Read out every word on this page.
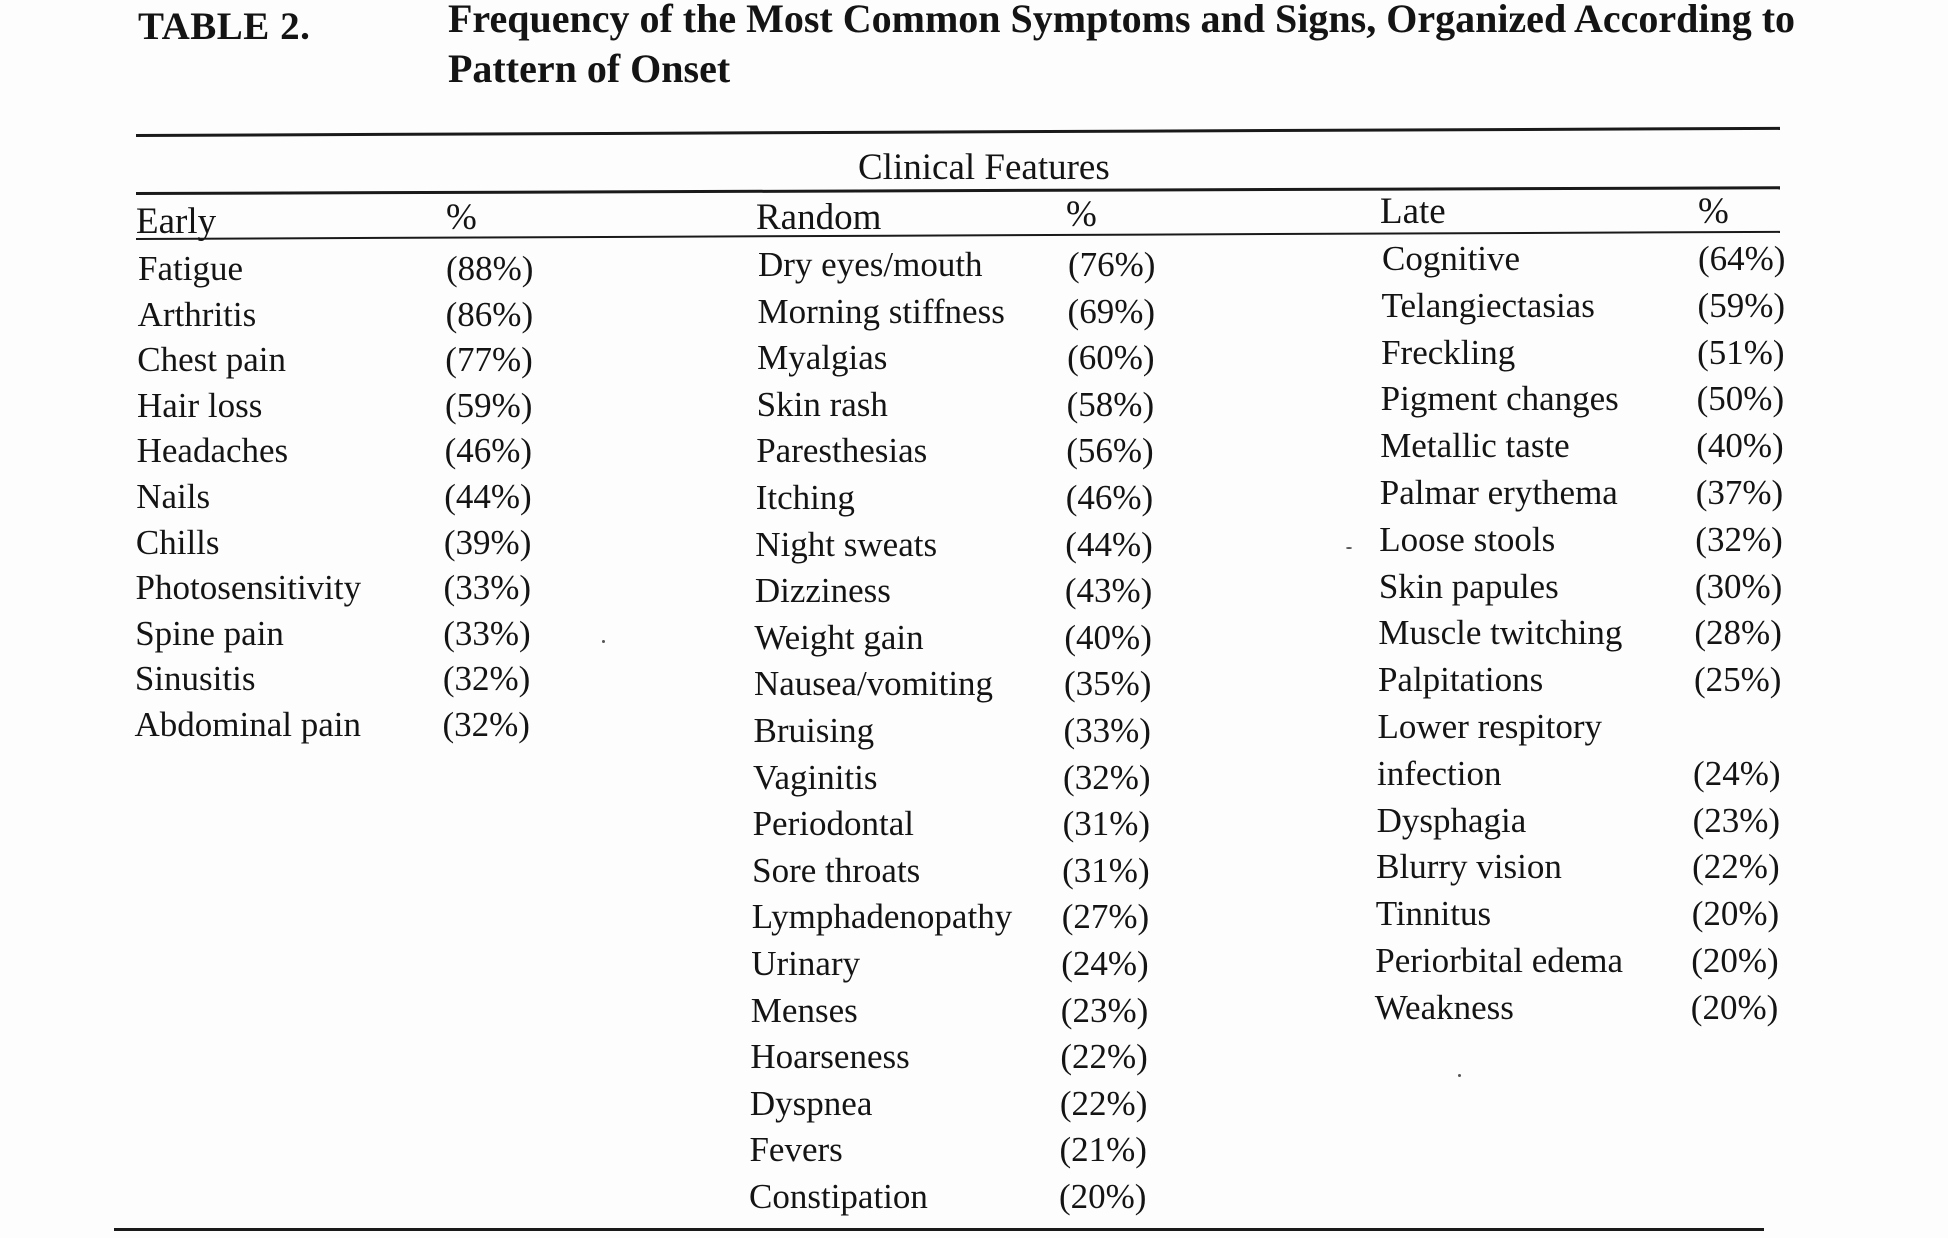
TABLE 2.	Frequency of the Most Common Symptoms and Signs, Organized According to Pattern of Onset
Clinical Features
Early	%
Fatigue	(88%)
Arthritis	(86%)
Chest pain	(77%)
Hair loss	(59%)
Headaches	(46%)
Nails	(44%)
Chills	(39%)
Photosensitivity (33%)
Spine pain	(33%)
Sinusitis	(32%)
Abdominal pain (32%)
Random	%
Dry eyes/mouth (76%)
Morning stiffness (69%)
Myalgias	(60%)
Skin rash	(58%)
Paresthesias	(56%)
Itching	(46%)
Night sweats	(44%)
Dizziness	(43%)
Weight gain	(40%)
Nausea/vomiting (35%)
Bruising	(33%)
Vaginitis	(32%)
Periodontal	(31%)
Sore throats	(31%)
Lymphadenopathy (27%)
Urinary	(24%)
Menses	(23%)
Hoarseness	(22%)
Dyspnea	(22%)
Fevers	(21%)
Constipation	(20%)
Late	%
Cognitive	(64%)
Telangiectasias	(59%)
Freckling	(51%)
Pigment changes (50%)
Metallic taste	(40%)
Palmar erythema (37%)
Loose stools	(32%)
Skin papules	(30%)
Muscle twitching (28%)
Palpitations	(25%)
Lower respitory
infection	(24%)
Dysphagia	(23%)
Blurry vision	(22%)
Tinnitus	(20%)
Periorbital edema (20%)
Weakness	(20%)
